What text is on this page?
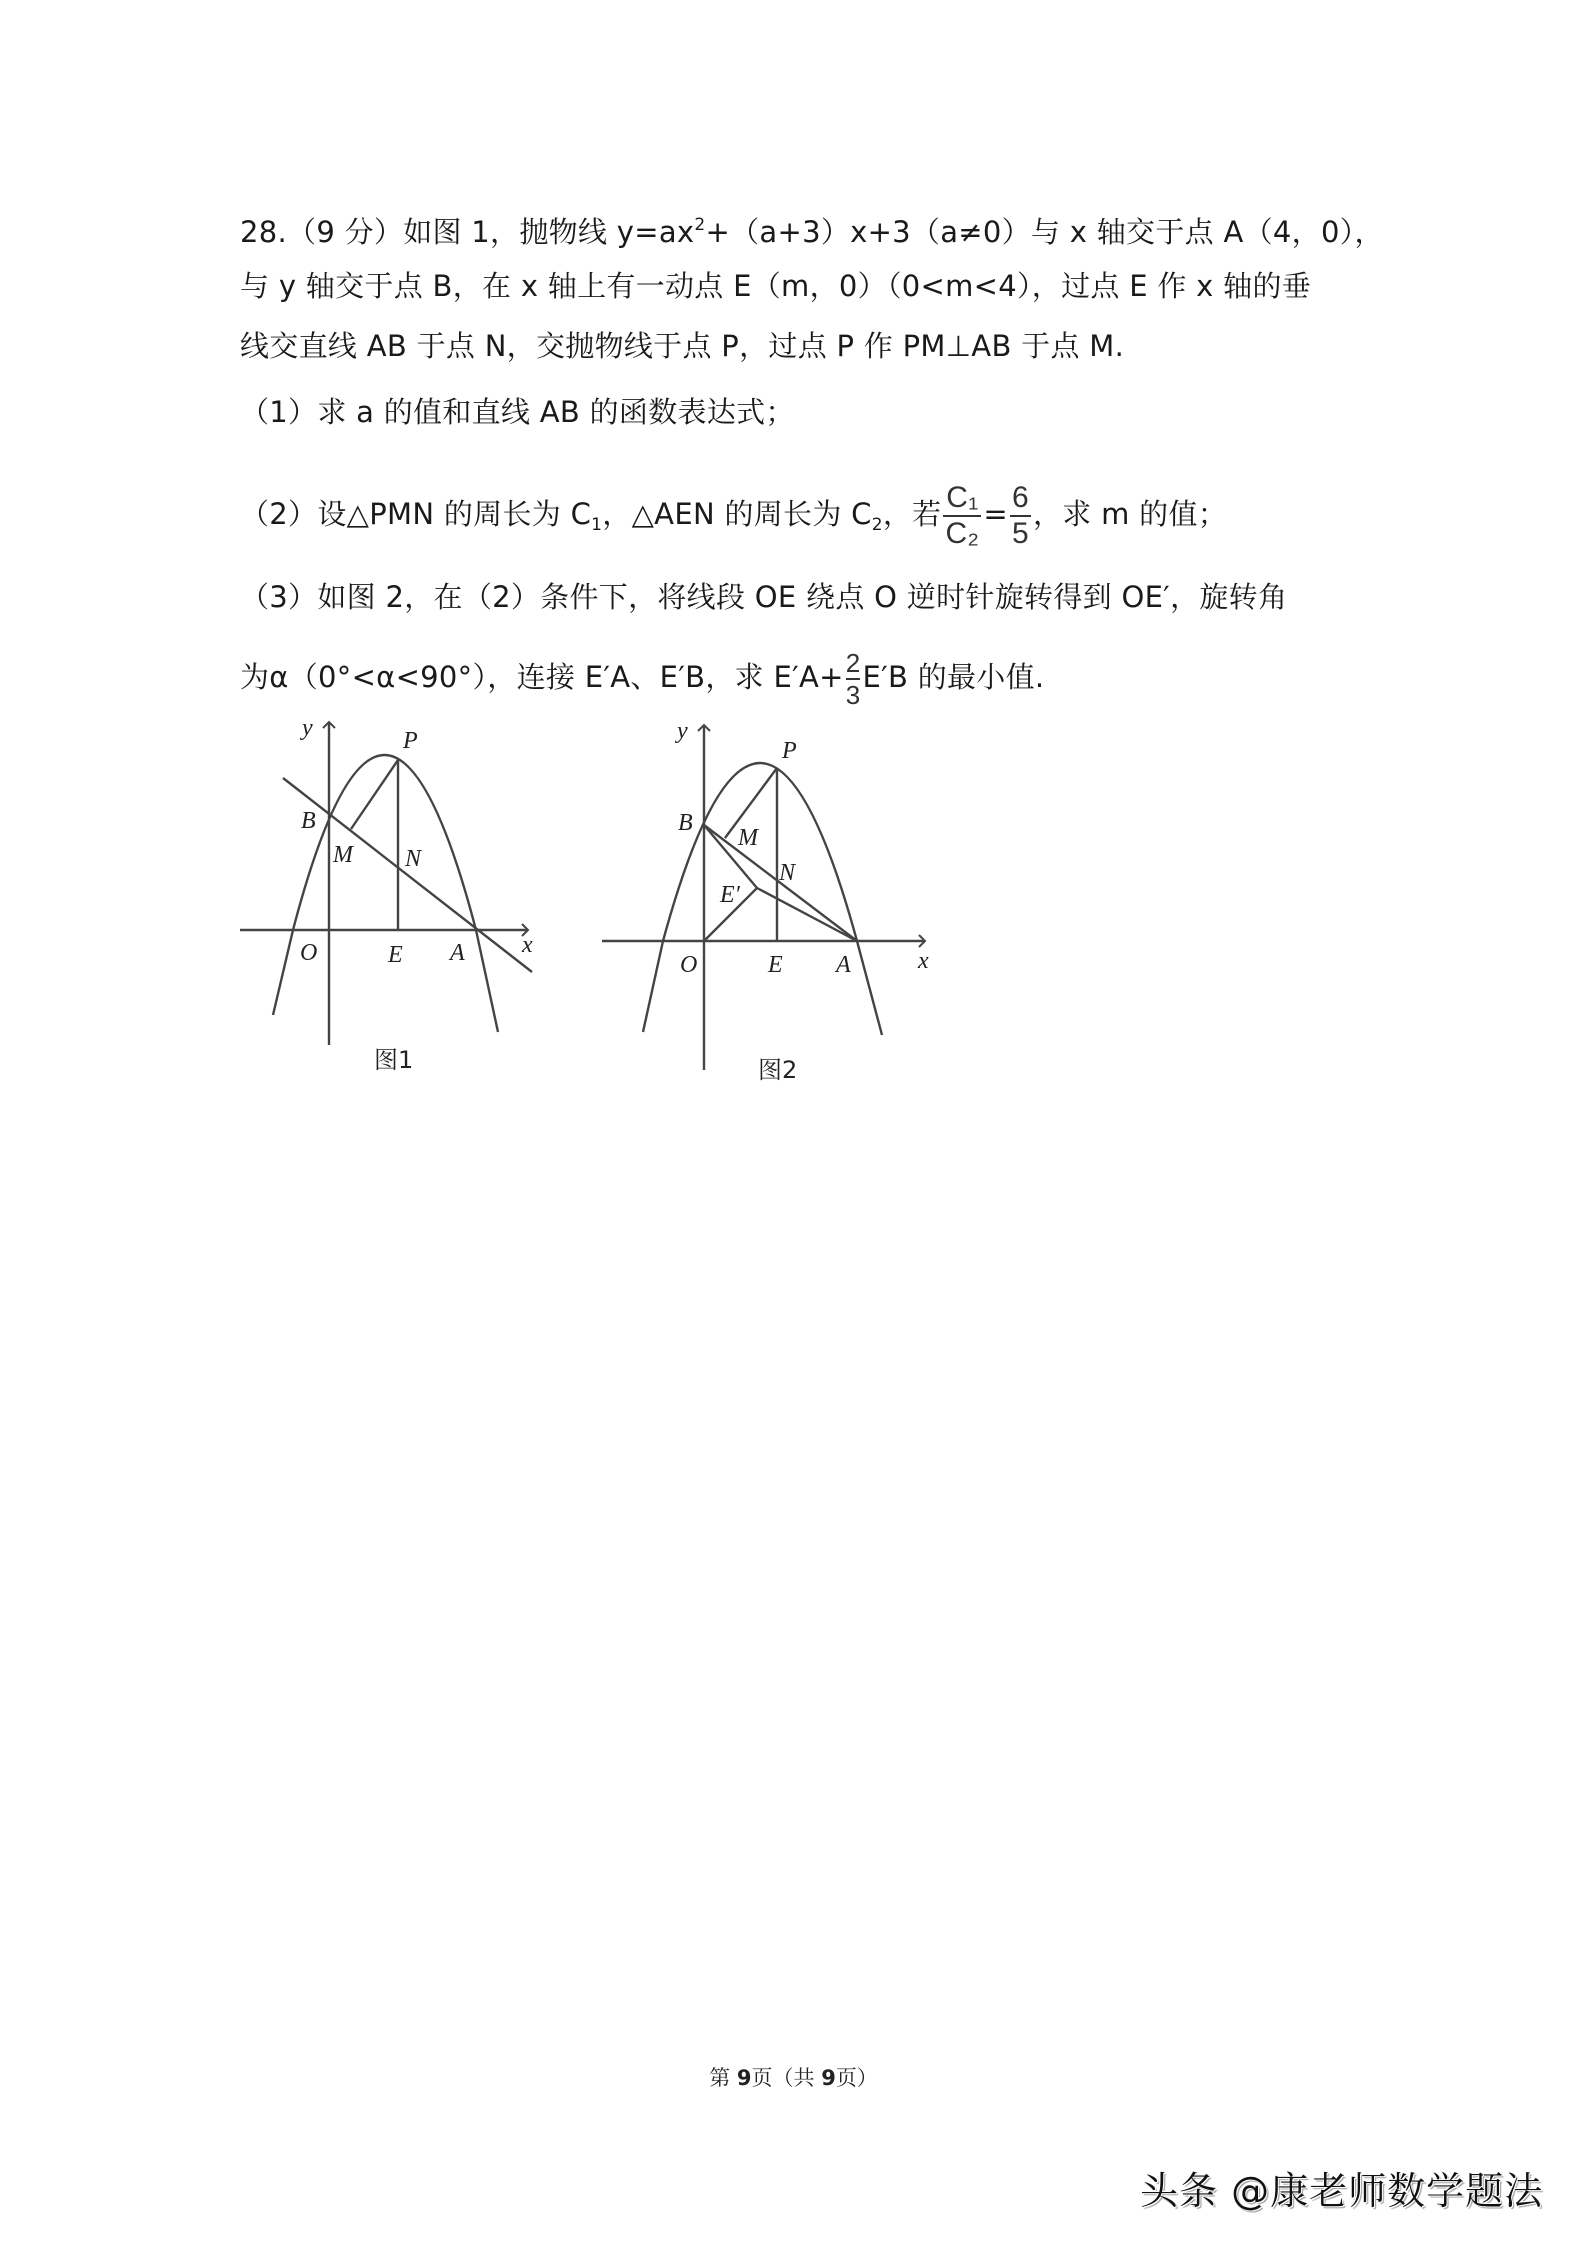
28.（9 分）如图 1，抛物线 $y=ax^2+(a+3)x+3(a\ne 0)$与 x 轴交于点 A（4，0），
与 y 轴交于点 B，在 x 轴上有一动点 E（m，0）（0<m<4），过点 E 作 x 轴的垂
线交直线 AB 于点 N，交抛物线于点 P，过点 P 作 PM⊥AB 于点 M.
（1）求 a 的值和直线 AB 的函数表达式；
（2）设△PMN 的周长为 $C_1$，△AEN 的周长为 $C_2$，若 $\frac{\text{C₁}}{\text{C₂}} = \frac{6}{5}$ ，求 m 的值；
（3）如图 2，在（2）条件下，将线段 OE 绕点 O 逆时针旋转得到 OE′，旋转角
为α（0°<α<90°），连接 E′A、E′B，求 $E'A+ \frac{2}{3} E'B$ 的最小值.
y	P
B
M N
O	E A x
图1
y
P
B
M
N
E′
O	E A	x
图2
第 9页（共 9页）
头条 @康老师数学题法
